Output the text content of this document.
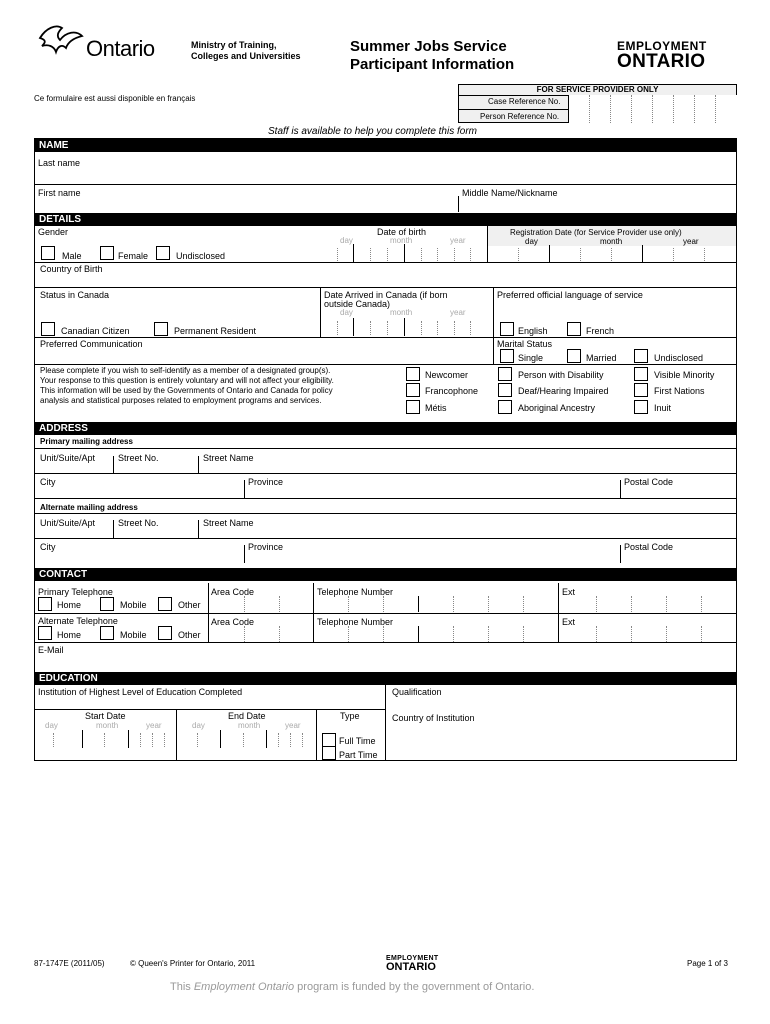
Ontario	Ministry of Training,
Colleges and Universities
Summer Jobs Service
Participant Information
EMPLOYMENT
ONTARIO
Ce formulaire est aussi disponible en français
FOR SERVICE PROVIDER ONLY
Case Reference No.
Person Reference No.
Staff is available to help you complete this form
NAME
Last name
First name	Middle Name/Nickname
DETAILS
Gender	Date of birth
day	month	year
Registration Date (for Service Provider use only)
day	month	year
Male	Female	Undisclosed
Country of Birth
Status in Canada
Canadian Citizen	Permanent Resident
Date Arrived in Canada (if born
outside Canada)
day	month	year
Preferred official language of service
English	French
Preferred Communication	Marital Status
Single	Married	Undisclosed
Please complete if you wish to self-identify as a member of a designated group(s).
Your response to this question is entirely voluntary and will not affect your eligibility.
This information will be used by the Governments of Ontario and Canada for policy
analysis and statistical purposes related to employment programs and services.
Newcomer
Francophone
Métis
Person with Disability
Deaf/Hearing Impaired
Aboriginal Ancestry
Visible Minority
First Nations
Inuit
ADDRESS
Primary mailing address
Unit/Suite/Apt	Street No.	Street Name
City	Province	Postal Code
Alternate mailing address
Unit/Suite/Apt	Street No.	Street Name
City	Province	Postal Code
CONTACT
Primary Telephone
Home	Mobile	Other
Area Code	Telephone Number	Ext
Alternate Telephone
Home	Mobile	Other
Area Code	Telephone Number	Ext
E-Mail
EDUCATION
Institution of Highest Level of Education Completed	Qualification
Start Date
day	month	year
End Date
day	month	year
Type
Full Time
Part Time
Country of Institution
87-1747E (2011/05)	© Queen's Printer for Ontario, 2011
EMPLOYMENT
ONTARIO	Page 1 of 3
This Employment Ontario program is funded by the government of Ontario.
